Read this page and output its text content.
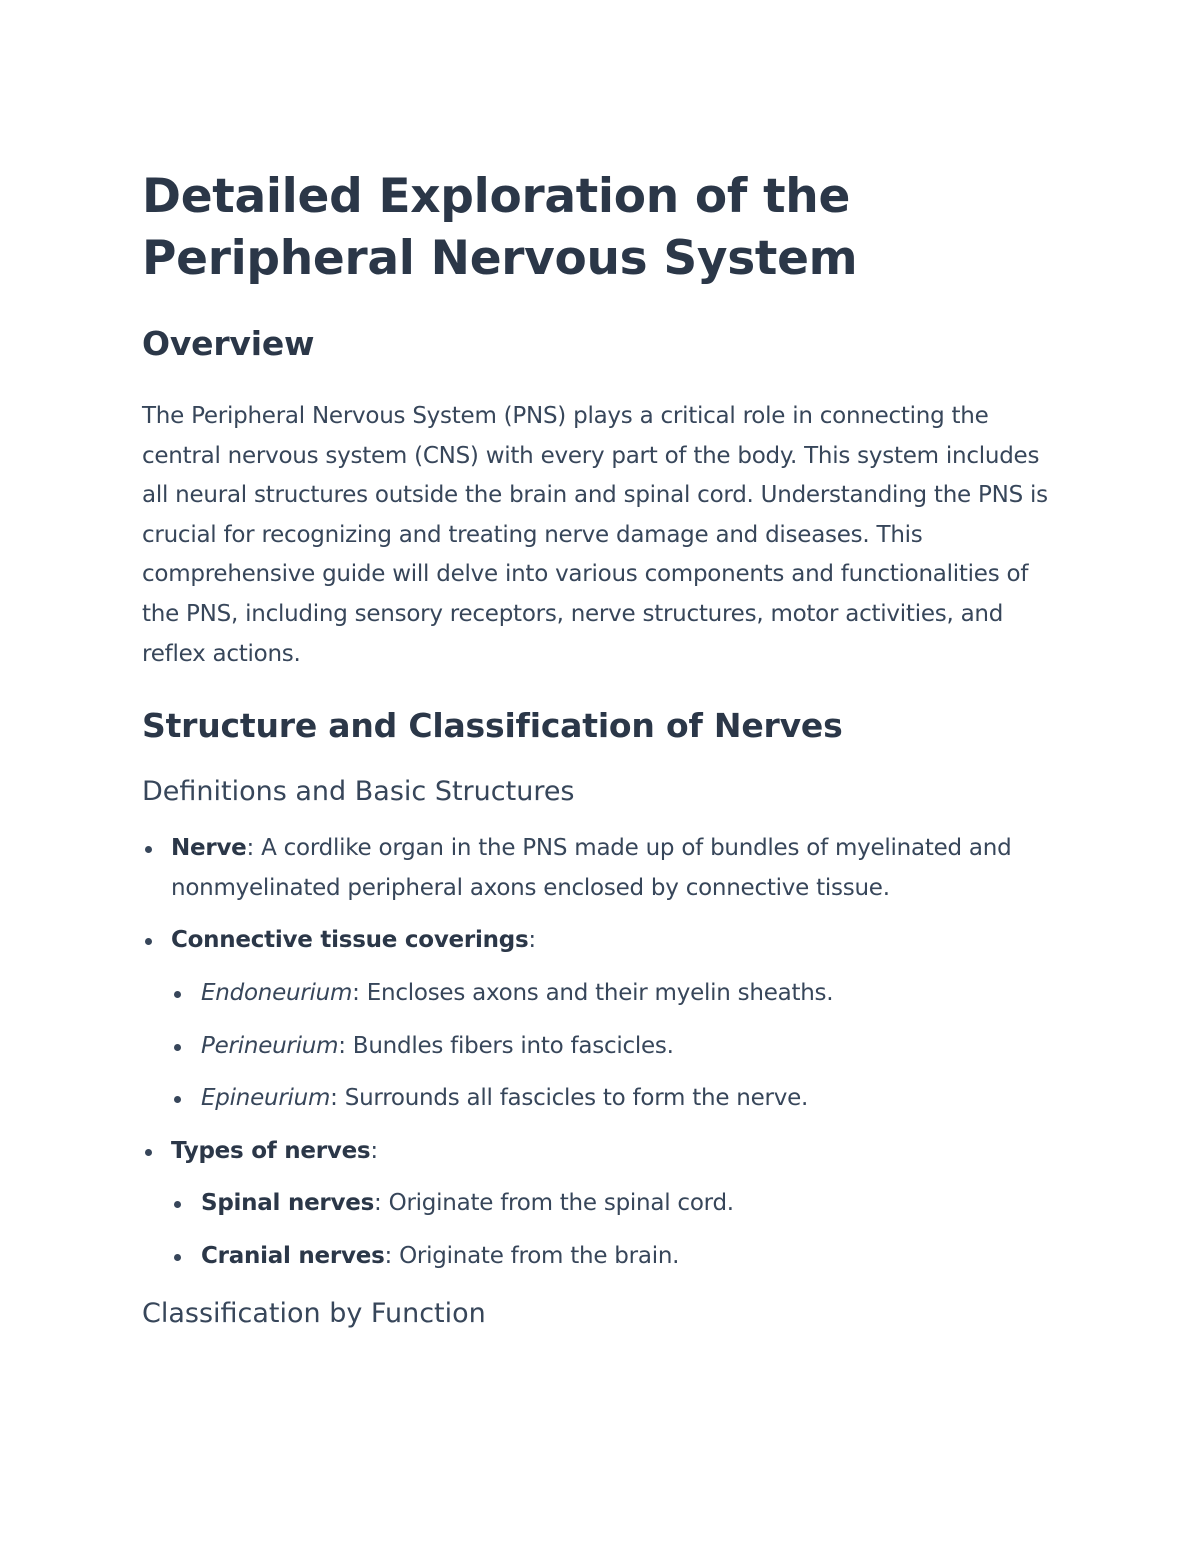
Detailed Exploration of the Peripheral Nervous System
Overview

The Peripheral Nervous System (PNS) plays a critical role in connecting the central nervous system (CNS) with every part of the body. This system includes all neural structures outside the brain and spinal cord. Understanding the PNS is crucial for recognizing and treating nerve damage and diseases. This comprehensive guide will delve into various components and functionalities of the PNS, including sensory receptors, nerve structures, motor activities, and reflex actions.

Structure and Classification of Nerves
Definitions and Basic Structures
Nerve: A cordlike organ in the PNS made up of bundles of myelinated and nonmyelinated peripheral axons enclosed by connective tissue.
Connective tissue coverings:
Endoneurium: Encloses axons and their myelin sheaths.
Perineurium: Bundles fibers into fascicles.
Epineurium: Surrounds all fascicles to form the nerve.
Types of nerves:
Spinal nerves: Originate from the spinal cord.
Cranial nerves: Originate from the brain.
Classification by Function
